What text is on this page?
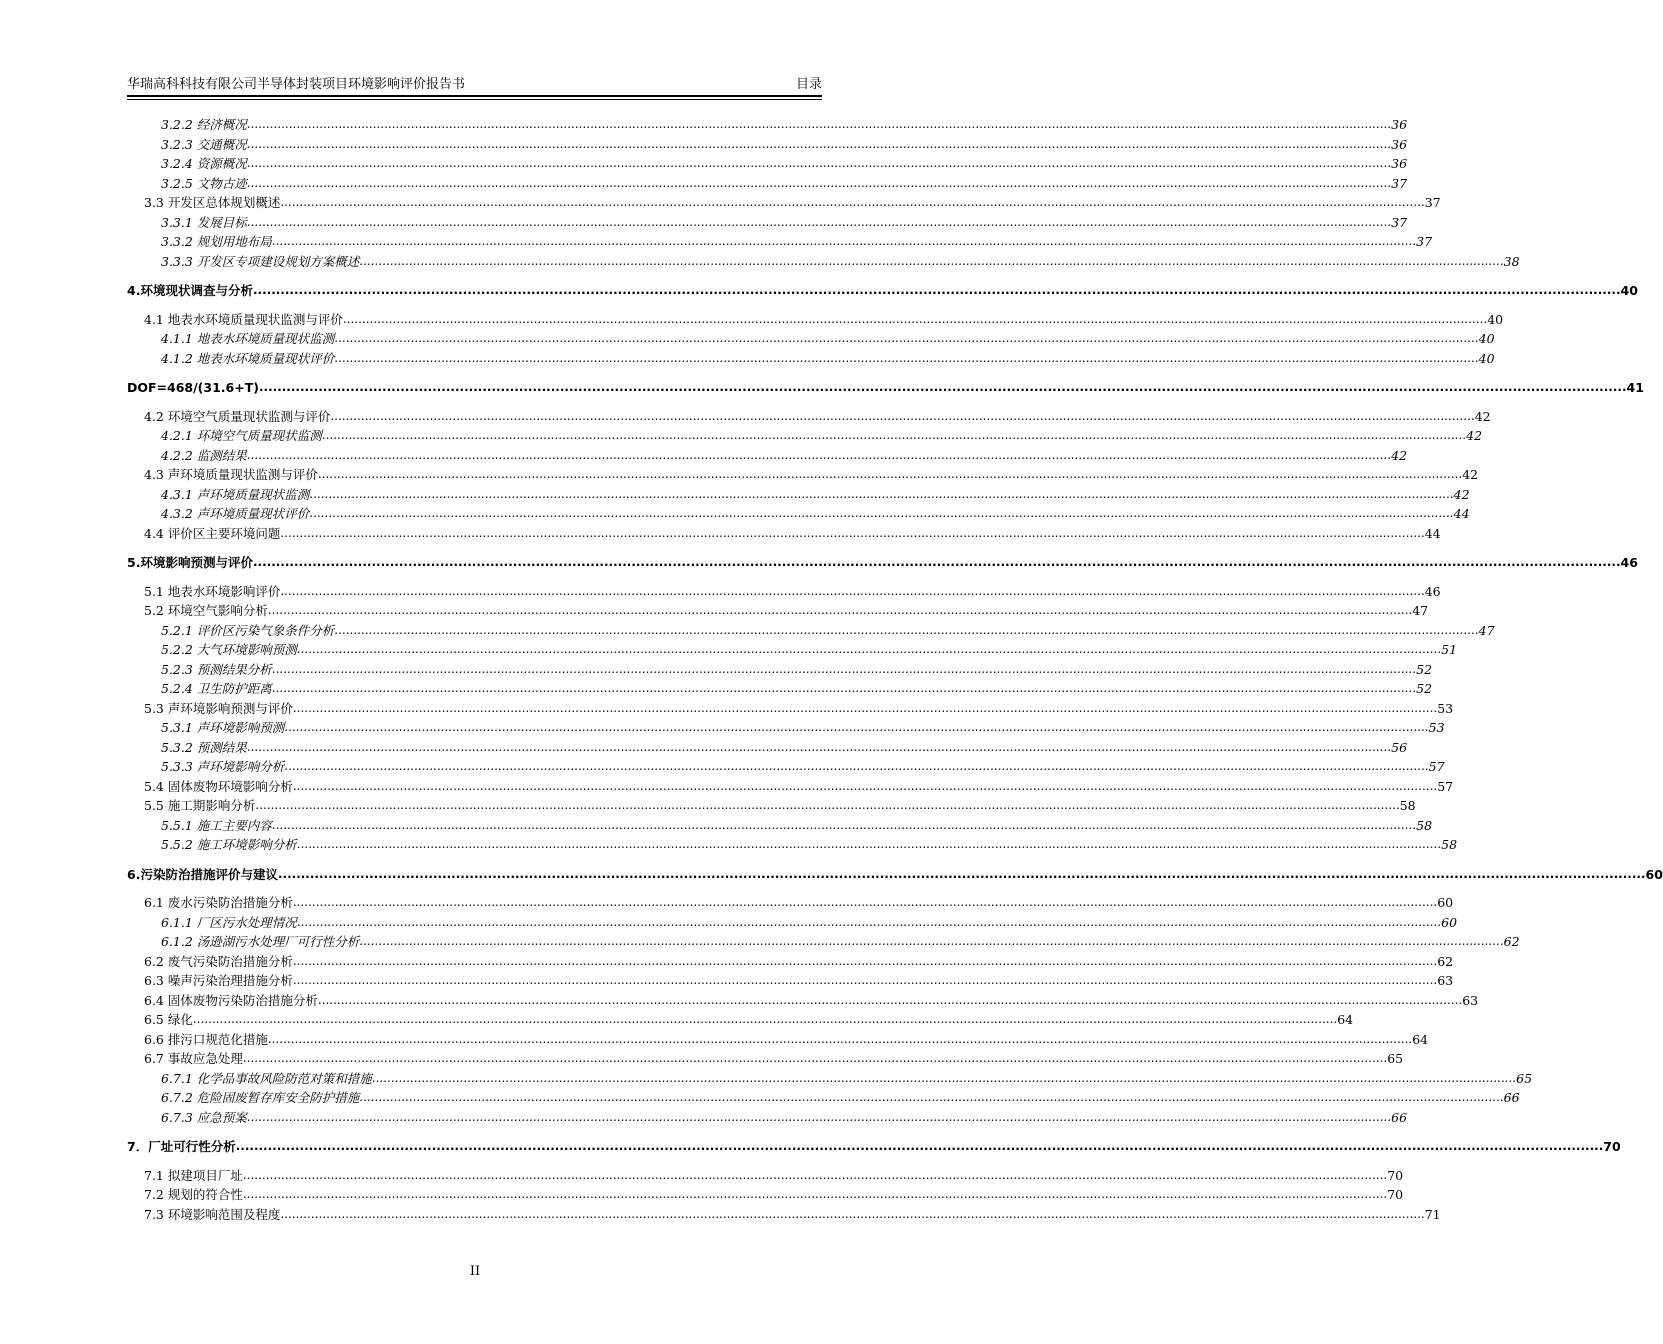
华瑞高科科技有限公司半导体封装项目环境影响评价报告书	目录
3.2.2 经济概况 ............................................................................................................................................................................................................................................................................................................ 36
3.2.3 交通概况 ............................................................................................................................................................................................................................................................................................................ 36
3.2.4 资源概况 ............................................................................................................................................................................................................................................................................................................ 36
3.2.5 文物古迹 ............................................................................................................................................................................................................................................................................................................ 37
3.3 开发区总体规划概述 ............................................................................................................................................................................................................................................................................................................ 37
3.3.1 发展目标 ............................................................................................................................................................................................................................................................................................................ 37
3.3.2 规划用地布局 ............................................................................................................................................................................................................................................................................................................ 37
3.3.3 开发区专项建设规划方案概述 ............................................................................................................................................................................................................................................................................................................ 38
4.环境现状调查与分析 ............................................................................................................................................................................................................................................................................................................ 40
4.1 地表水环境质量现状监测与评价 ............................................................................................................................................................................................................................................................................................................ 40
4.1.1 地表水环境质量现状监测 ............................................................................................................................................................................................................................................................................................................ 40
4.1.2 地表水环境质量现状评价 ............................................................................................................................................................................................................................................................................................................ 40
DOF=468/(31.6+T) ............................................................................................................................................................................................................................................................................................................ 41
4.2 环境空气质量现状监测与评价 ............................................................................................................................................................................................................................................................................................................ 42
4.2.1 环境空气质量现状监测 ............................................................................................................................................................................................................................................................................................................ 42
4.2.2 监测结果 ............................................................................................................................................................................................................................................................................................................ 42
4.3 声环境质量现状监测与评价 ............................................................................................................................................................................................................................................................................................................ 42
4.3.1 声环境质量现状监测 ............................................................................................................................................................................................................................................................................................................ 42
4.3.2 声环境质量现状评价 ............................................................................................................................................................................................................................................................................................................ 44
4.4 评价区主要环境问题 ............................................................................................................................................................................................................................................................................................................ 44
5.环境影响预测与评价 ............................................................................................................................................................................................................................................................................................................ 46
5.1 地表水环境影响评价 ............................................................................................................................................................................................................................................................................................................ 46
5.2 环境空气影响分析 ............................................................................................................................................................................................................................................................................................................ 47
5.2.1 评价区污染气象条件分析 ............................................................................................................................................................................................................................................................................................................ 47
5.2.2 大气环境影响预测 ............................................................................................................................................................................................................................................................................................................ 51
5.2.3 预测结果分析 ............................................................................................................................................................................................................................................................................................................ 52
5.2.4 卫生防护距离 ............................................................................................................................................................................................................................................................................................................ 52
5.3 声环境影响预测与评价 ............................................................................................................................................................................................................................................................................................................ 53
5.3.1 声环境影响预测 ............................................................................................................................................................................................................................................................................................................ 53
5.3.2 预测结果 ............................................................................................................................................................................................................................................................................................................ 56
5.3.3 声环境影响分析 ............................................................................................................................................................................................................................................................................................................ 57
5.4 固体废物环境影响分析 ............................................................................................................................................................................................................................................................................................................ 57
5.5 施工期影响分析 ............................................................................................................................................................................................................................................................................................................ 58
5.5.1 施工主要内容 ............................................................................................................................................................................................................................................................................................................ 58
5.5.2 施工环境影响分析 ............................................................................................................................................................................................................................................................................................................ 58
6.污染防治措施评价与建议 ............................................................................................................................................................................................................................................................................................................ 60
6.1 废水污染防治措施分析 ............................................................................................................................................................................................................................................................................................................ 60
6.1.1 厂区污水处理情况 ............................................................................................................................................................................................................................................................................................................ 60
6.1.2 汤逊湖污水处理厂可行性分析 ............................................................................................................................................................................................................................................................................................................ 62
6.2 废气污染防治措施分析 ............................................................................................................................................................................................................................................................................................................ 62
6.3 噪声污染治理措施分析 ............................................................................................................................................................................................................................................................................................................ 63
6.4 固体废物污染防治措施分析 ............................................................................................................................................................................................................................................................................................................ 63
6.5 绿化 ............................................................................................................................................................................................................................................................................................................ 64
6.6 排污口规范化措施 ............................................................................................................................................................................................................................................................................................................ 64
6.7 事故应急处理 ............................................................................................................................................................................................................................................................................................................ 65
6.7.1 化学品事故风险防范对策和措施 ............................................................................................................................................................................................................................................................................................................ 65
6.7.2 危险固废暂存库安全防护措施 ............................................................................................................................................................................................................................................................................................................ 66
6.7.3 应急预案 ............................................................................................................................................................................................................................................................................................................ 66
7．厂址可行性分析 ............................................................................................................................................................................................................................................................................................................ 70
7.1 拟建项目厂址 ............................................................................................................................................................................................................................................................................................................ 70
7.2 规划的符合性 ............................................................................................................................................................................................................................................................................................................ 70
7.3 环境影响范围及程度 ............................................................................................................................................................................................................................................................................................................ 71
II
